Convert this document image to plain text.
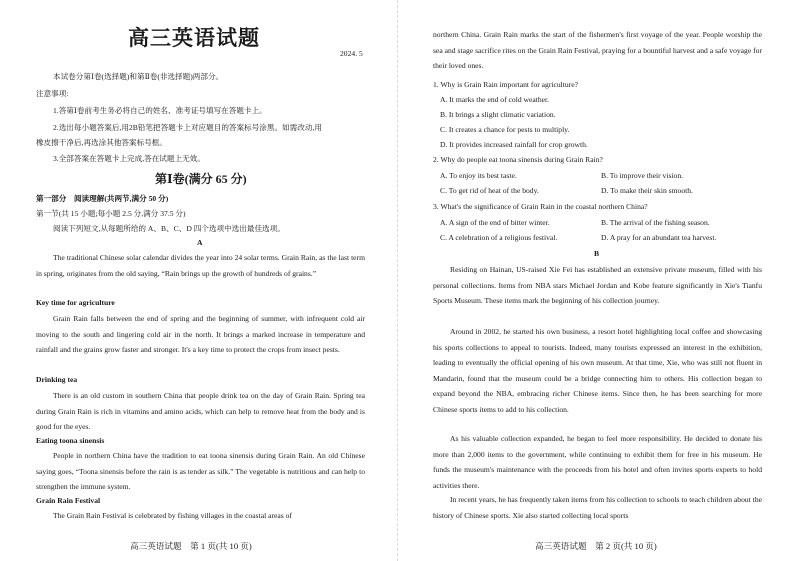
高三英语试题
2024. 5
本试卷分第Ⅰ卷(选择题)和第Ⅱ卷(非选择题)两部分。
注意事项:
1.答第Ⅰ卷前考生务必将自己的姓名、准考证号填写在答题卡上。
2.选出每小题答案后,用2B铅笔把答题卡上对应题目的答案标号涂黑。如需改动,用
橡皮擦干净后,再选涂其他答案标号框。
3.全部答案在答题卡上完成,答在试题上无效。
第Ⅰ卷(满分 65 分)
第一部分　阅读理解(共两节,满分 50 分)
第一节(共 15 小题;每小题 2.5 分,满分 37.5 分)
阅读下列短文,从每题所给的 A、B、C、D 四个选项中选出最佳选项。
A
The traditional Chinese solar calendar divides the year into 24 solar terms. Grain Rain, as the last term in spring, originates from the old saying, “Rain brings up the growth of hundreds of grains.”
Key time for agriculture
Grain Rain falls between the end of spring and the beginning of summer, with infrequent cold air moving to the south and lingering cold air in the north. It brings a marked increase in temperature and rainfall and the grains grow faster and stronger. It's a key time to protect the crops from insect pests.
Drinking tea
There is an old custom in southern China that people drink tea on the day of Grain Rain. Spring tea during Grain Rain is rich in vitamins and amino acids, which can help to remove heat from the body and is good for the eyes.
Eating toona sinensis
People in northern China have the tradition to eat toona sinensis during Grain Rain. An old Chinese saying goes, “Toona sinensis before the rain is as tender as silk.” The vegetable is nutritious and can help to strengthen the immune system.
Grain Rain Festival
The Grain Rain Festival is celebrated by fishing villages in the coastal areas of
高三英语试题　第 1 页(共 10 页)
northern China. Grain Rain marks the start of the fishermen's first voyage of the year. People worship the sea and stage sacrifice rites on the Grain Rain Festival, praying for a bountiful harvest and a safe voyage for their loved ones.
1. Why is Grain Rain important for agriculture?
A. It marks the end of cold weather.
B. It brings a slight climatic variation.
C. It creates a chance for pests to multiply.
D. It provides increased rainfall for crop growth.
2. Why do people eat toona sinensis during Grain Rain?
A. To enjoy its best taste.	B. To improve their vision.
C. To get rid of heat of the body.	D. To make their skin smooth.
3. What's the significance of Grain Rain in the coastal northern China?
A. A sign of the end of bitter winter.	B. The arrival of the fishing season.
C. A celebration of a religious festival.	D. A pray for an abundant tea harvest.
B
Residing on Hainan, US-raised Xie Fei has established an extensive private museum, filled with his personal collections. Items from NBA stars Michael Jordan and Kobe feature significantly in Xie's Tianfu Sports Museum. These items mark the beginning of his collection journey.
Around in 2002, he started his own business, a resort hotel highlighting local coffee and showcasing his sports collections to appeal to tourists. Indeed, many tourists expressed an interest in the exhibition, leading to eventually the official opening of his own museum. At that time, Xie, who was still not fluent in Mandarin, found that the museum could be a bridge connecting him to others. His collection began to expand beyond the NBA, embracing richer Chinese items. Since then, he has been searching for more Chinese sports items to add to his collection.
As his valuable collection expanded, he began to feel more responsibility. He decided to donate his more than 2,000 items to the government, while continuing to exhibit them for free in his museum. He funds the museum's maintenance with the proceeds from his hotel and often invites sports experts to hold activities there.
In recent years, he has frequently taken items from his collection to schools to teach children about the history of Chinese sports. Xie also started collecting local sports
高三英语试题　第 2 页(共 10 页)
